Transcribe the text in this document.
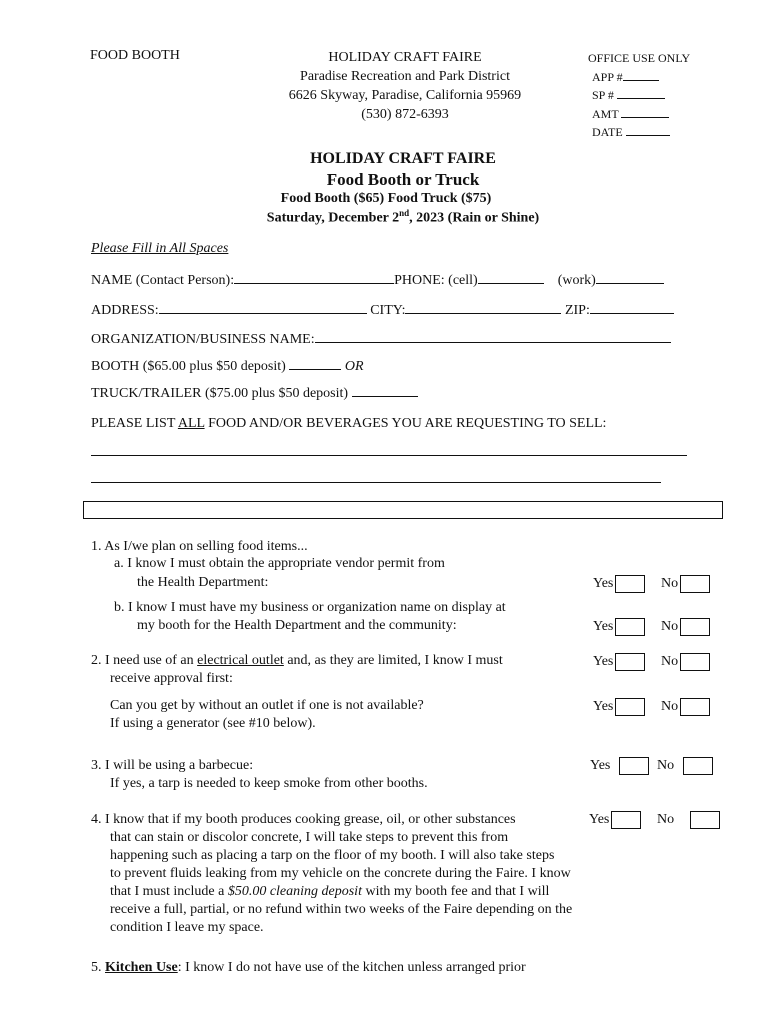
FOOD BOOTH	HOLIDAY CRAFT FAIRE
Paradise Recreation and Park District
6626 Skyway, Paradise, California 95969
(530) 872-6393
OFFICE USE ONLY
APP #
SP #
AMT
DATE
HOLIDAY CRAFT FAIRE
Food Booth or Truck
Food Booth ($65) Food Truck ($75)
Saturday, December 2nd, 2023 (Rain or Shine)
Please Fill in All Spaces
NAME (Contact Person):	PHONE: (cell)	(work)
ADDRESS:	CITY:	ZIP:
ORGANIZATION/BUSINESS NAME:
BOOTH ($65.00 plus $50 deposit)	OR
TRUCK/TRAILER ($75.00 plus $50 deposit)
PLEASE LIST ALL FOOD AND/OR BEVERAGES YOU ARE REQUESTING TO SELL:
1. As I/we plan on selling food items...
a. I know I must obtain the appropriate vendor permit from
the Health Department:	Yes	No
b. I know I must have my business or organization name on display at
my booth for the Health Department and the community:	Yes	No
2. I need use of an electrical outlet and, as they are limited, I know I must
receive approval first:
Yes	No
Can you get by without an outlet if one is not available?
If using a generator (see #10 below).
Yes	No
3. I will be using a barbecue:
If yes, a tarp is needed to keep smoke from other booths.
Yes	No
4. I know that if my booth produces cooking grease, oil, or other substances
that can stain or discolor concrete, I will take steps to prevent this from
happening such as placing a tarp on the floor of my booth. I will also take steps
to prevent fluids leaking from my vehicle on the concrete during the Faire. I know
that I must include a $50.00 cleaning deposit with my booth fee and that I will
receive a full, partial, or no refund within two weeks of the Faire depending on the
condition I leave my space.
Yes	No
5. Kitchen Use: I know I do not have use of the kitchen unless arranged prior
